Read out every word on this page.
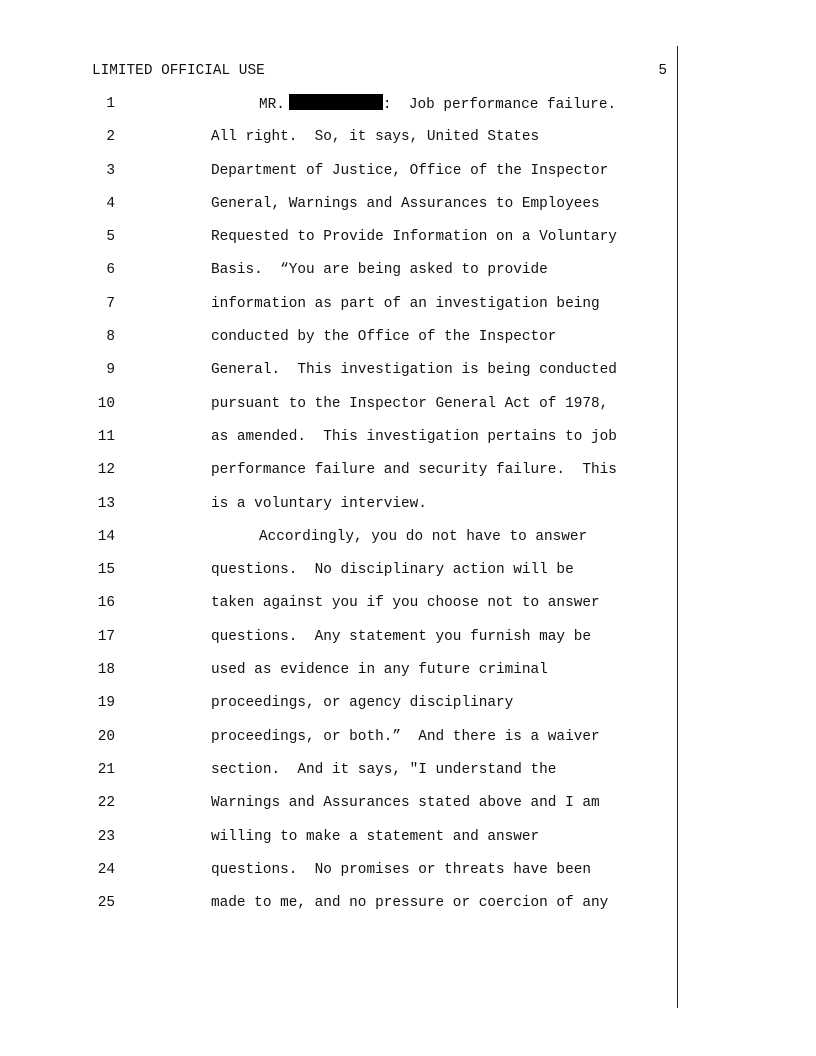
LIMITED OFFICIAL USE	5
1	MR.	:  Job performance failure.
2	All right.  So, it says, United States
3	Department of Justice, Office of the Inspector
4	General, Warnings and Assurances to Employees
5	Requested to Provide Information on a Voluntary
6	Basis.  “You are being asked to provide
7	information as part of an investigation being
8	conducted by the Office of the Inspector
9	General.  This investigation is being conducted
10	pursuant to the Inspector General Act of 1978,
11	as amended.  This investigation pertains to job
12	performance failure and security failure.  This
13	is a voluntary interview.
14	Accordingly, you do not have to answer
15	questions.  No disciplinary action will be
16	taken against you if you choose not to answer
17	questions.  Any statement you furnish may be
18	used as evidence in any future criminal
19	proceedings, or agency disciplinary
20	proceedings, or both.”  And there is a waiver
21	section.  And it says, "I understand the
22	Warnings and Assurances stated above and I am
23	willing to make a statement and answer
24	questions.  No promises or threats have been
25	made to me, and no pressure or coercion of any
